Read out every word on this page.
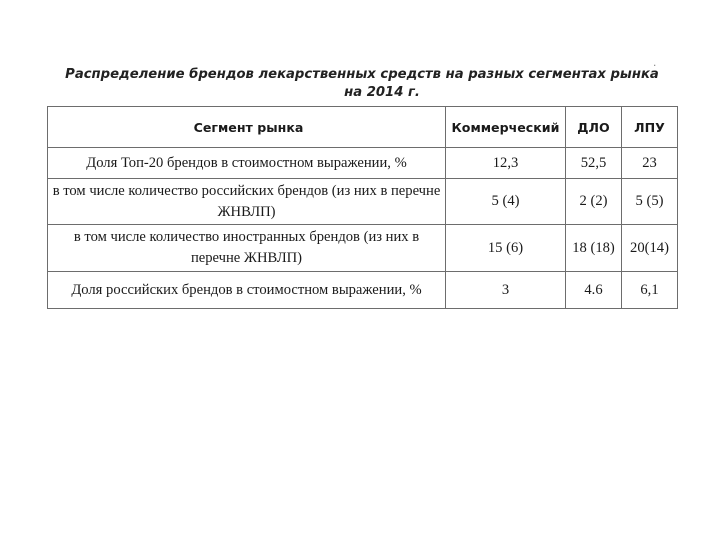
.
Распределение брендов лекарственных средств на разных сегментах рынка
на 2014 г.
Сегмент рынка	Коммерческий	ДЛО	ЛПУ
Доля Топ-20 брендов в стоимостном выражении, %	12,3	52,5	23
в том числе количество российских брендов (из них в перечне ЖНВЛП)	5 (4)	2 (2)	5 (5)
в том числе количество иностранных брендов (из них в перечне ЖНВЛП)	15 (6)	18 (18)	20(14)
Доля российских брендов в стоимостном выражении, %	3	4.6	6,1
